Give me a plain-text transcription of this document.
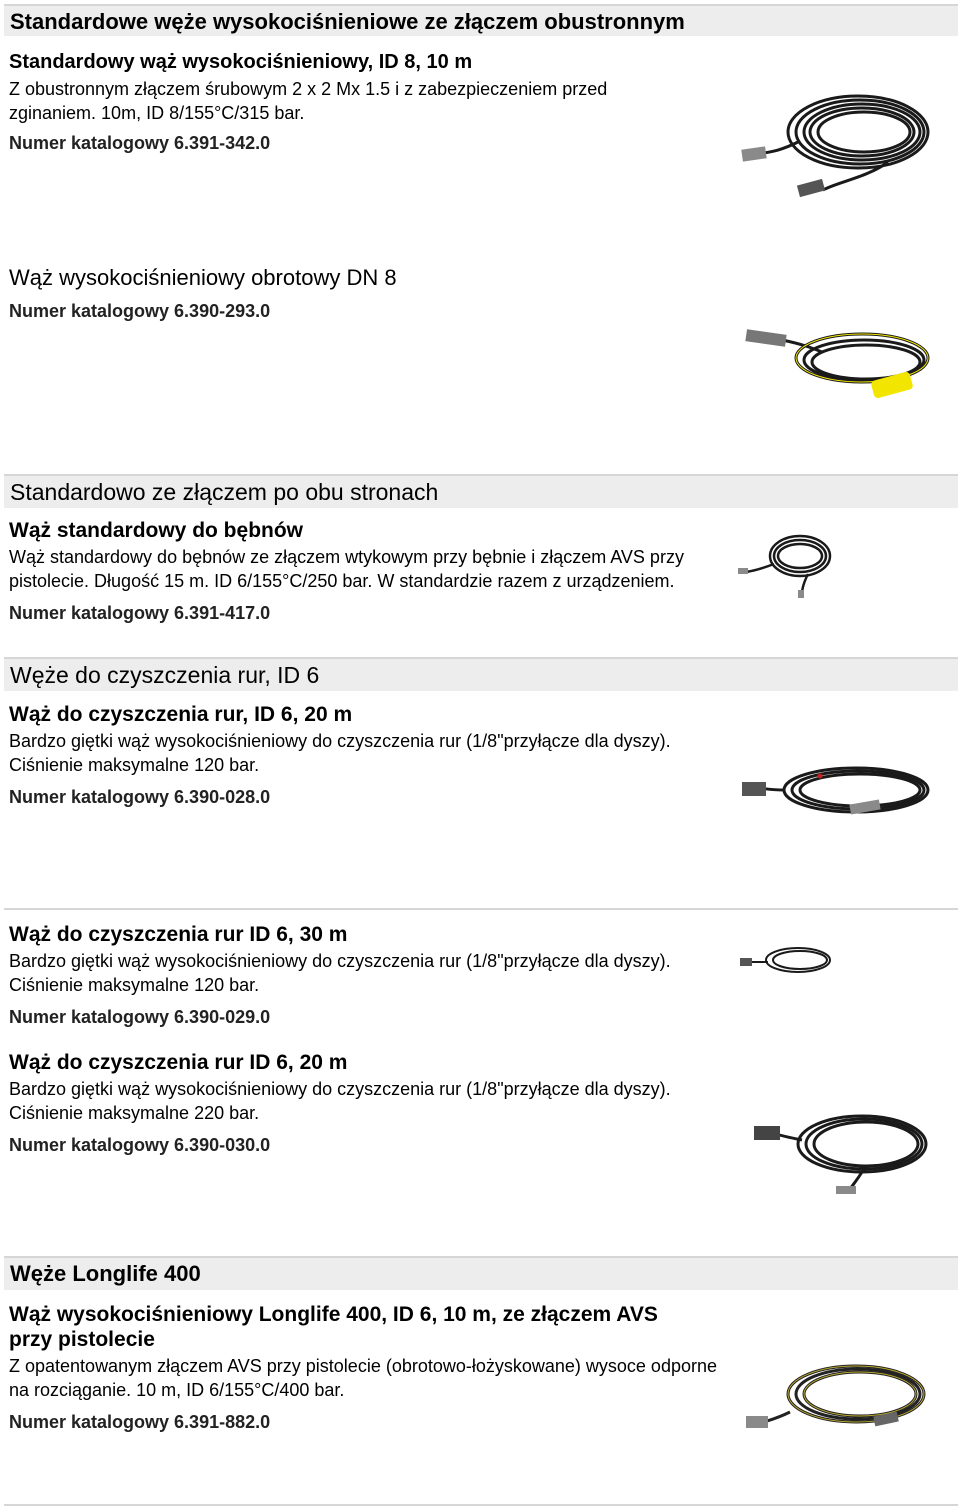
Standardowe węże wysokociśnieniowe ze złączem obustronnym
Standardowy wąż wysokociśnieniowy, ID 8, 10 m
Z obustronnym złączem śrubowym 2 x 2 Mx 1.5 i z zabezpieczeniem przed zginaniem. 10m, ID 8/155°C/315 bar.
Numer katalogowy 6.391-342.0
Wąż wysokociśnieniowy obrotowy DN 8
Numer katalogowy 6.390-293.0
Standardowo ze złączem po obu stronach
Wąż standardowy do bębnów
Wąż standardowy do bębnów ze złączem wtykowym przy bębnie i złączem AVS przy pistolecie. Długość 15 m. ID 6/155°C/250 bar. W standardzie razem z urządzeniem.
Numer katalogowy 6.391-417.0
Węże do czyszczenia rur, ID 6
Wąż do czyszczenia rur, ID 6, 20 m
Bardzo giętki wąż wysokociśnieniowy do czyszczenia rur (1/8"przyłącze dla dyszy). Ciśnienie maksymalne 120 bar.
Numer katalogowy 6.390-028.0
Wąż do czyszczenia rur ID 6, 30 m
Bardzo giętki wąż wysokociśnieniowy do czyszczenia rur (1/8"przyłącze dla dyszy). Ciśnienie maksymalne 120 bar.
Numer katalogowy 6.390-029.0
Wąż do czyszczenia rur ID 6, 20 m
Bardzo giętki wąż wysokociśnieniowy do czyszczenia rur (1/8"przyłącze dla dyszy). Ciśnienie maksymalne 220 bar.
Numer katalogowy 6.390-030.0
Węże Longlife 400
Wąż wysokociśnieniowy Longlife 400, ID 6, 10 m, ze złączem AVS przy pistolecie
Z opatentowanym złączem AVS przy pistolecie (obrotowo-łożyskowane) wysoce odporne na rozciąganie. 10 m, ID 6/155°C/400 bar.
Numer katalogowy 6.391-882.0
